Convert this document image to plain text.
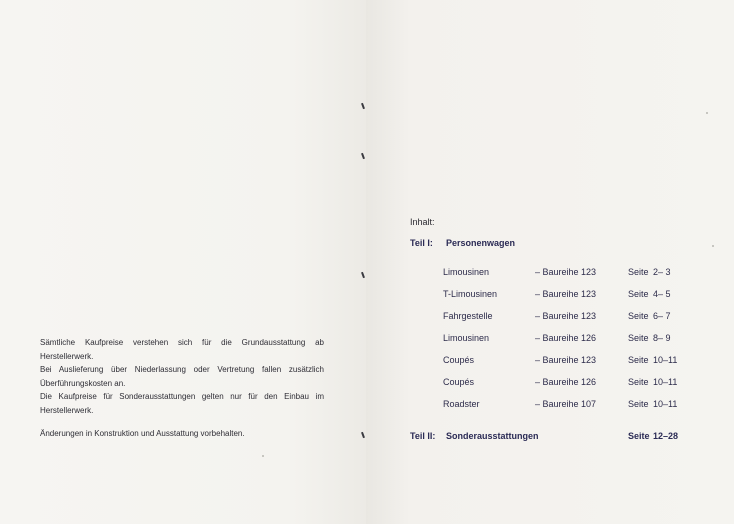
Sämtliche Kaufpreise verstehen sich für die Grundausstattung ab Herstellerwerk.

Bei Auslieferung über Niederlassung oder Vertretung fallen zusätzlich Überführungskosten an.

Die Kaufpreise für Sonderausstattungen gelten nur für den Einbau im Herstellerwerk.

Änderungen in Konstruktion und Ausstattung vorbehalten.

Inhalt:
Teil I: Personenwagen
Limousinen	– Baureihe 123	Seite 2– 3
T-Limousinen	– Baureihe 123	Seite 4– 5
Fahrgestelle	– Baureihe 123	Seite 6– 7
Limousinen	– Baureihe 126	Seite 8– 9
Coupés	– Baureihe 123	Seite 10–11
Coupés	– Baureihe 126	Seite 10–11
Roadster	– Baureihe 107	Seite 10–11
Teil II: Sonderausstattungen	Seite 12–28
